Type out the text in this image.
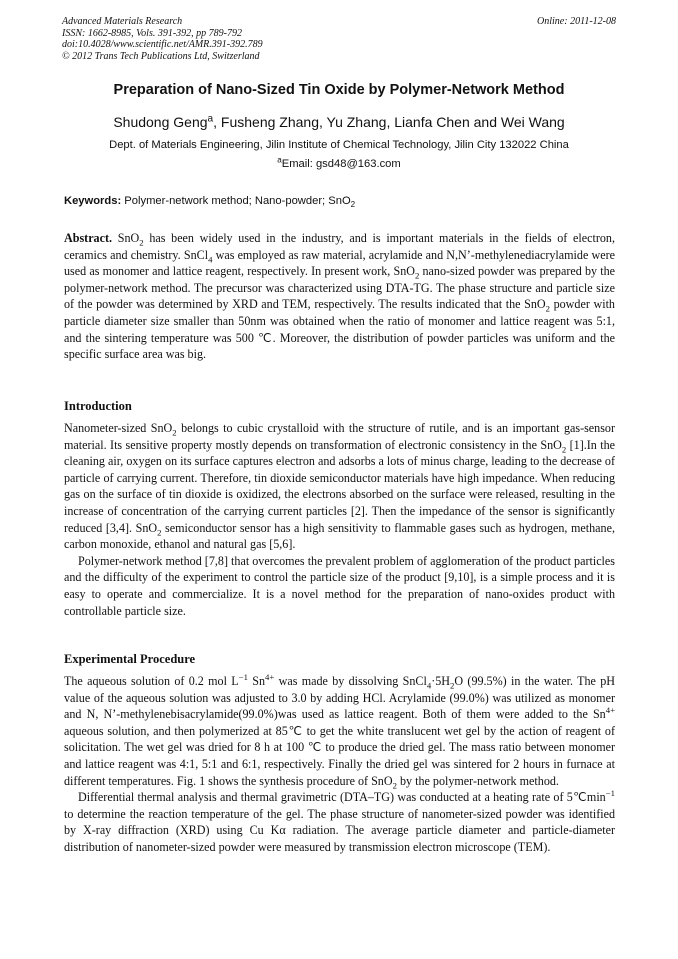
Advanced Materials Research
ISSN: 1662-8985, Vols. 391-392, pp 789-792
doi:10.4028/www.scientific.net/AMR.391-392.789
© 2012 Trans Tech Publications Ltd, Switzerland
Online: 2011-12-08
Preparation of Nano-Sized Tin Oxide by Polymer-Network Method
Shudong Geng$^a$, Fusheng Zhang, Yu Zhang, Lianfa Chen and Wei Wang
Dept. of Materials Engineering, Jilin Institute of Chemical Technology, Jilin City 132022 China
$^a$Email: gsd48@163.com
Keywords: Polymer-network method; Nano-powder; SnO$_2$

Abstract. SnO$_2$ has been widely used in the industry, and is important materials in the fields of electron, ceramics and chemistry. SnCl$_4$ was employed as raw material, acrylamide and N,N’-methylenediacrylamide were used as monomer and lattice reagent, respectively. In present work, SnO$_2$ nano-sized powder was prepared by the polymer-network method. The precursor was characterized using DTA-TG. The phase structure and particle size of the powder was determined by XRD and TEM, respectively. The results indicated that the SnO$_2$ powder with particle diameter size smaller than 50nm was obtained when the ratio of monomer and lattice reagent was 5:1, and the sintering temperature was 500 ℃. Moreover, the distribution of powder particles was uniform and the specific surface area was big.

Introduction

Nanometer-sized SnO$_2$ belongs to cubic crystalloid with the structure of rutile, and is an important gas-sensor material. Its sensitive property mostly depends on transformation of electronic consistency in the SnO$_2$ [1].In the cleaning air, oxygen on its surface captures electron and adsorbs a lots of minus charge, leading to the decrease of particle of carrying current. Therefore, tin dioxide semiconductor materials have high impedance. When reducing gas on the surface of tin dioxide is oxidized, the electrons absorbed on the surface were released, resulting in the increase of concentration of the carrying current particles [2]. Then the impedance of the sensor is significantly reduced [3,4]. SnO$_2$ semiconductor sensor has a high sensitivity to flammable gases such as hydrogen, methane, carbon monoxide, ethanol and natural gas [5,6].

Polymer-network method [7,8] that overcomes the prevalent problem of agglomeration of the product particles and the difficulty of the experiment to control the particle size of the product [9,10], is a simple process and it is easy to operate and commercialize. It is a novel method for the preparation of nano-oxides product with controllable particle size.

Experimental Procedure

The aqueous solution of 0.2 mol $L^{-1}$ $Sn^{4+}$ was made by dissolving $SnCl_4\cdot 5H_2O$ (99.5%) in the water. The pH value of the aqueous solution was adjusted to 3.0 by adding HCl. Acrylamide (99.0%) was utilized as monomer and N, N’-methylenebisacrylamide(99.0%)was used as lattice reagent. Both of them were added to the $Sn^{4+}$ aqueous solution, and then polymerized at 85℃ to get the white translucent wet gel by the action of reagent of solicitation. The wet gel was dried for 8 h at 100 ℃ to produce the dried gel. The mass ratio between monomer and lattice reagent was 4:1, 5:1 and 6:1, respectively. Finally the dried gel was sintered for 2 hours in furnace at different temperatures. Fig. 1 shows the synthesis procedure of SnO$_2$ by the polymer-network method.

Differential thermal analysis and thermal gravimetric (DTA–TG) was conducted at a heating rate of $5℃\min^{-1}$ to determine the reaction temperature of the gel. The phase structure of nanometer-sized powder was identified by X-ray diffraction (XRD) using Cu Kα radiation. The average particle diameter and particle-diameter distribution of nanometer-sized powder were measured by transmission electron microscope (TEM).
